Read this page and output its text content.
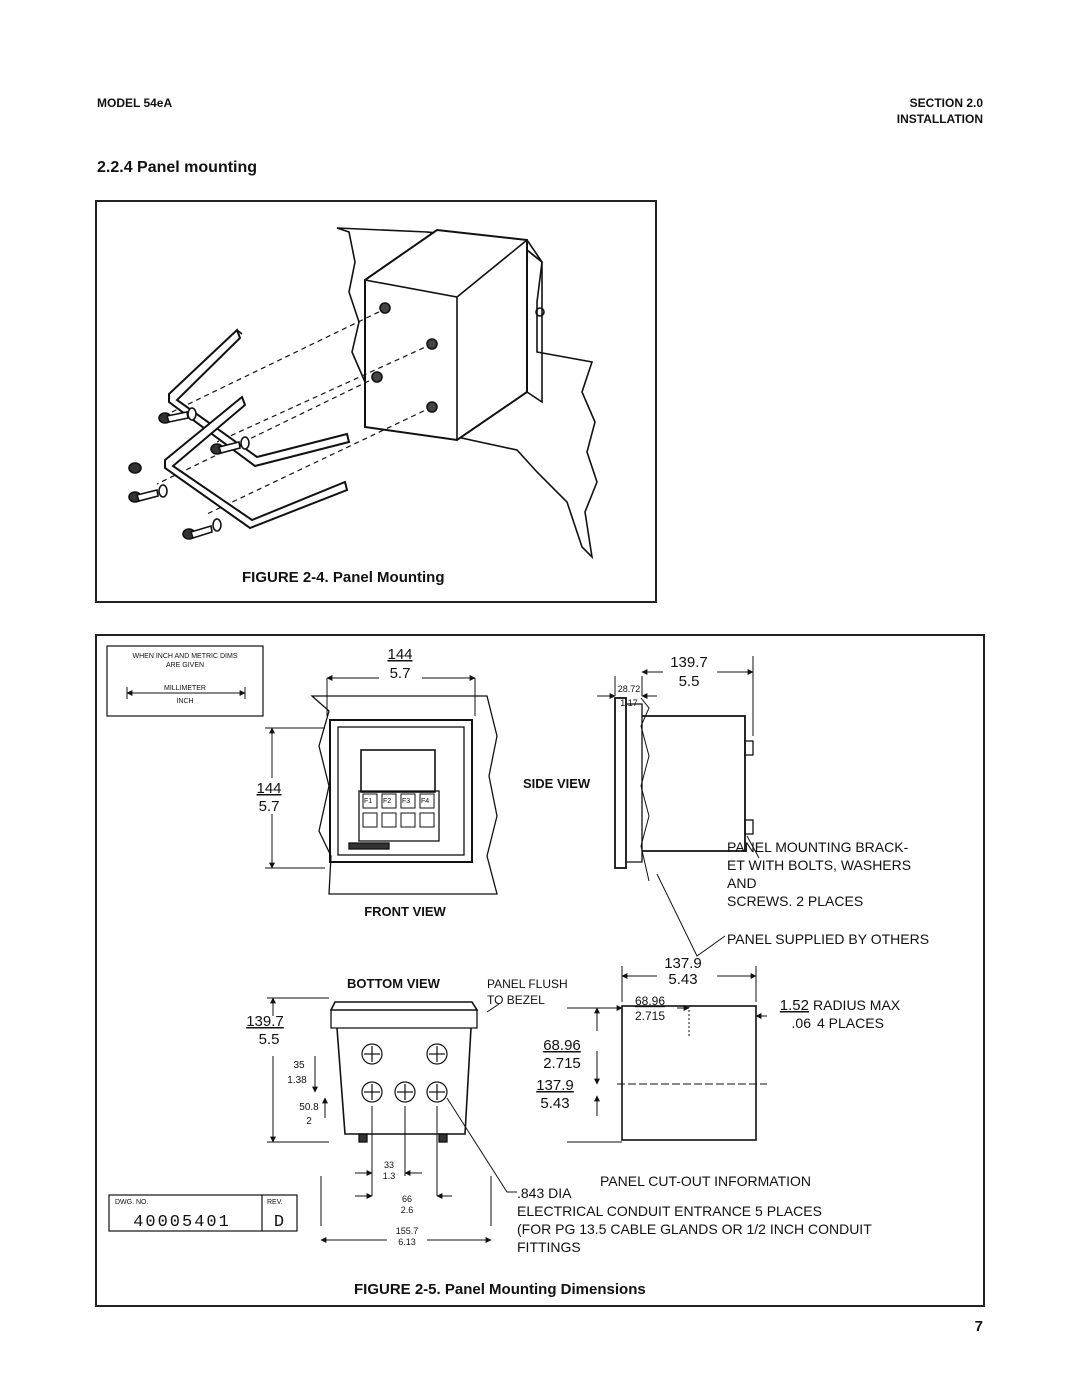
MODEL 54eA	SECTION 2.0
INSTALLATION
2.2.4 Panel mounting
FIGURE 2-4. Panel Mounting
WHEN INCH AND METRIC DIMS
ARE GIVEN
MILLIMETER
INCH
F1 F2 F3 F4
144
5.7
144
5.7
FRONT VIEW
139.7
5.5
28.72
1.17
SIDE VIEW
PANEL MOUNTING BRACK-
ET WITH BOLTS, WASHERS
AND
SCREWS. 2 PLACES
PANEL SUPPLIED BY OTHERS
BOTTOM VIEW	PANEL FLUSH
TO BEZEL
139.7
5.5
35
1.38
50.8
2
33
1.3
66
2.6
155.7
6.13
137.9
5.43
68.96
2.715
1.52 RADIUS MAX
.06 4 PLACES
68.96
2.715
137.9
5.43
PANEL CUT-OUT INFORMATION
.843 DIA
ELECTRICAL CONDUIT ENTRANCE 5 PLACES
(FOR PG 13.5 CABLE GLANDS OR 1/2 INCH CONDUIT
FITTINGS
DWG. NO.	REV.
40005401	D
FIGURE 2-5. Panel Mounting Dimensions
7
